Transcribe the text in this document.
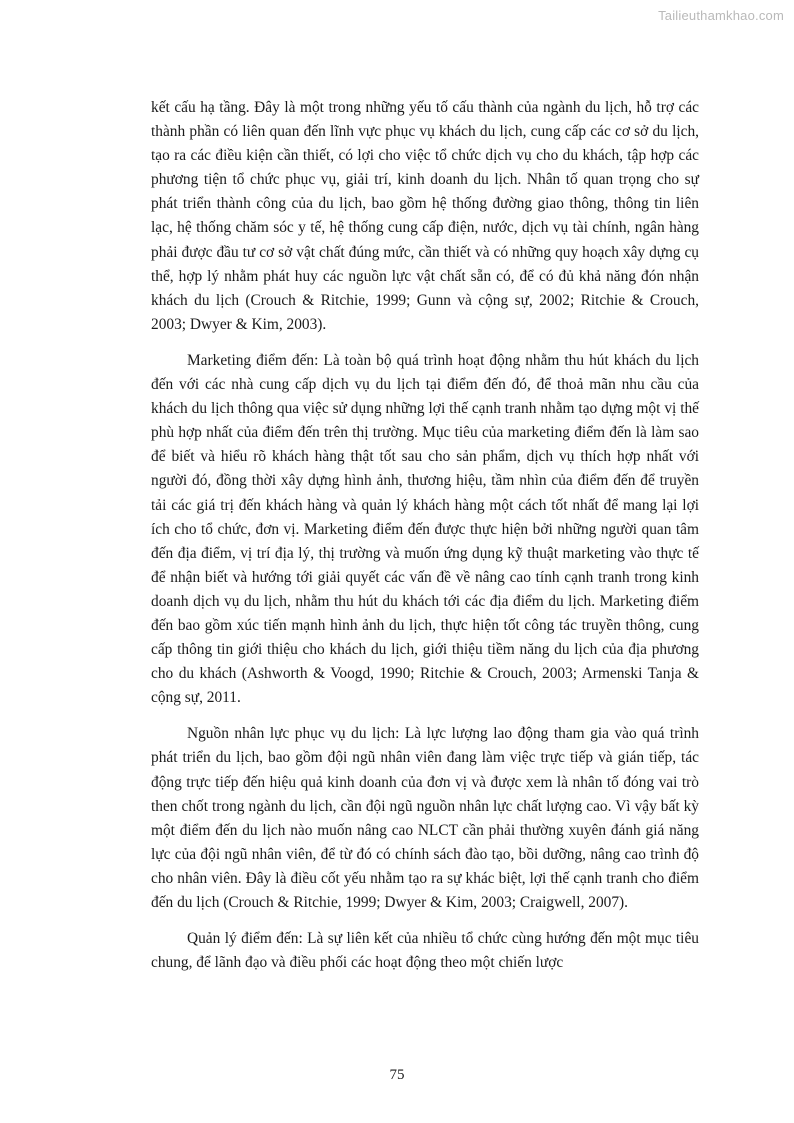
Tailieuthamkhao.com

kết cấu hạ tầng. Đây là một trong những yếu tố cấu thành của ngành du lịch, hỗ trợ các thành phần có liên quan đến lĩnh vực phục vụ khách du lịch, cung cấp các cơ sở du lịch, tạo ra các điều kiện cần thiết, có lợi cho việc tổ chức dịch vụ cho du khách, tập hợp các phương tiện tổ chức phục vụ, giải trí, kinh doanh du lịch. Nhân tố quan trọng cho sự phát triển thành công của du lịch, bao gồm hệ thống đường giao thông, thông tin liên lạc, hệ thống chăm sóc y tế, hệ thống cung cấp điện, nước, dịch vụ tài chính, ngân hàng phải được đầu tư cơ sở vật chất đúng mức, cần thiết và có những quy hoạch xây dựng cụ thể, hợp lý nhằm phát huy các nguồn lực vật chất sẵn có, để có đủ khả năng đón nhận khách du lịch (Crouch & Ritchie, 1999; Gunn và cộng sự, 2002; Ritchie & Crouch, 2003; Dwyer & Kim, 2003).

Marketing điểm đến: Là toàn bộ quá trình hoạt động nhằm thu hút khách du lịch đến với các nhà cung cấp dịch vụ du lịch tại điểm đến đó, để thoả mãn nhu cầu của khách du lịch thông qua việc sử dụng những lợi thế cạnh tranh nhằm tạo dựng một vị thế phù hợp nhất của điểm đến trên thị trường. Mục tiêu của marketing điểm đến là làm sao để biết và hiểu rõ khách hàng thật tốt sau cho sản phẩm, dịch vụ thích hợp nhất với người đó, đồng thời xây dựng hình ảnh, thương hiệu, tầm nhìn của điểm đến để truyền tải các giá trị đến khách hàng và quản lý khách hàng một cách tốt nhất để mang lại lợi ích cho tổ chức, đơn vị. Marketing điểm đến được thực hiện bởi những người quan tâm đến địa điểm, vị trí địa lý, thị trường và muốn ứng dụng kỹ thuật marketing vào thực tế để nhận biết và hướng tới giải quyết các vấn đề về nâng cao tính cạnh tranh trong kinh doanh dịch vụ du lịch, nhằm thu hút du khách tới các địa điểm du lịch. Marketing điểm đến bao gồm xúc tiến mạnh hình ảnh du lịch, thực hiện tốt công tác truyền thông, cung cấp thông tin giới thiệu cho khách du lịch, giới thiệu tiềm năng du lịch của địa phương cho du khách (Ashworth & Voogd, 1990; Ritchie & Crouch, 2003; Armenski Tanja & cộng sự, 2011.

Nguồn nhân lực phục vụ du lịch: Là lực lượng lao động tham gia vào quá trình phát triển du lịch, bao gồm đội ngũ nhân viên đang làm việc trực tiếp và gián tiếp, tác động trực tiếp đến hiệu quả kinh doanh của đơn vị và được xem là nhân tố đóng vai trò then chốt trong ngành du lịch, cần đội ngũ nguồn nhân lực chất lượng cao. Vì vậy bất kỳ một điểm đến du lịch nào muốn nâng cao NLCT cần phải thường xuyên đánh giá năng lực của đội ngũ nhân viên, để từ đó có chính sách đào tạo, bồi dưỡng, nâng cao trình độ cho nhân viên. Đây là điều cốt yếu nhằm tạo ra sự khác biệt, lợi thế cạnh tranh cho điểm đến du lịch (Crouch & Ritchie, 1999; Dwyer & Kim, 2003; Craigwell, 2007).

Quản lý điểm đến: Là sự liên kết của nhiều tổ chức cùng hướng đến một mục tiêu chung, để lãnh đạo và điều phối các hoạt động theo một chiến lược

75
